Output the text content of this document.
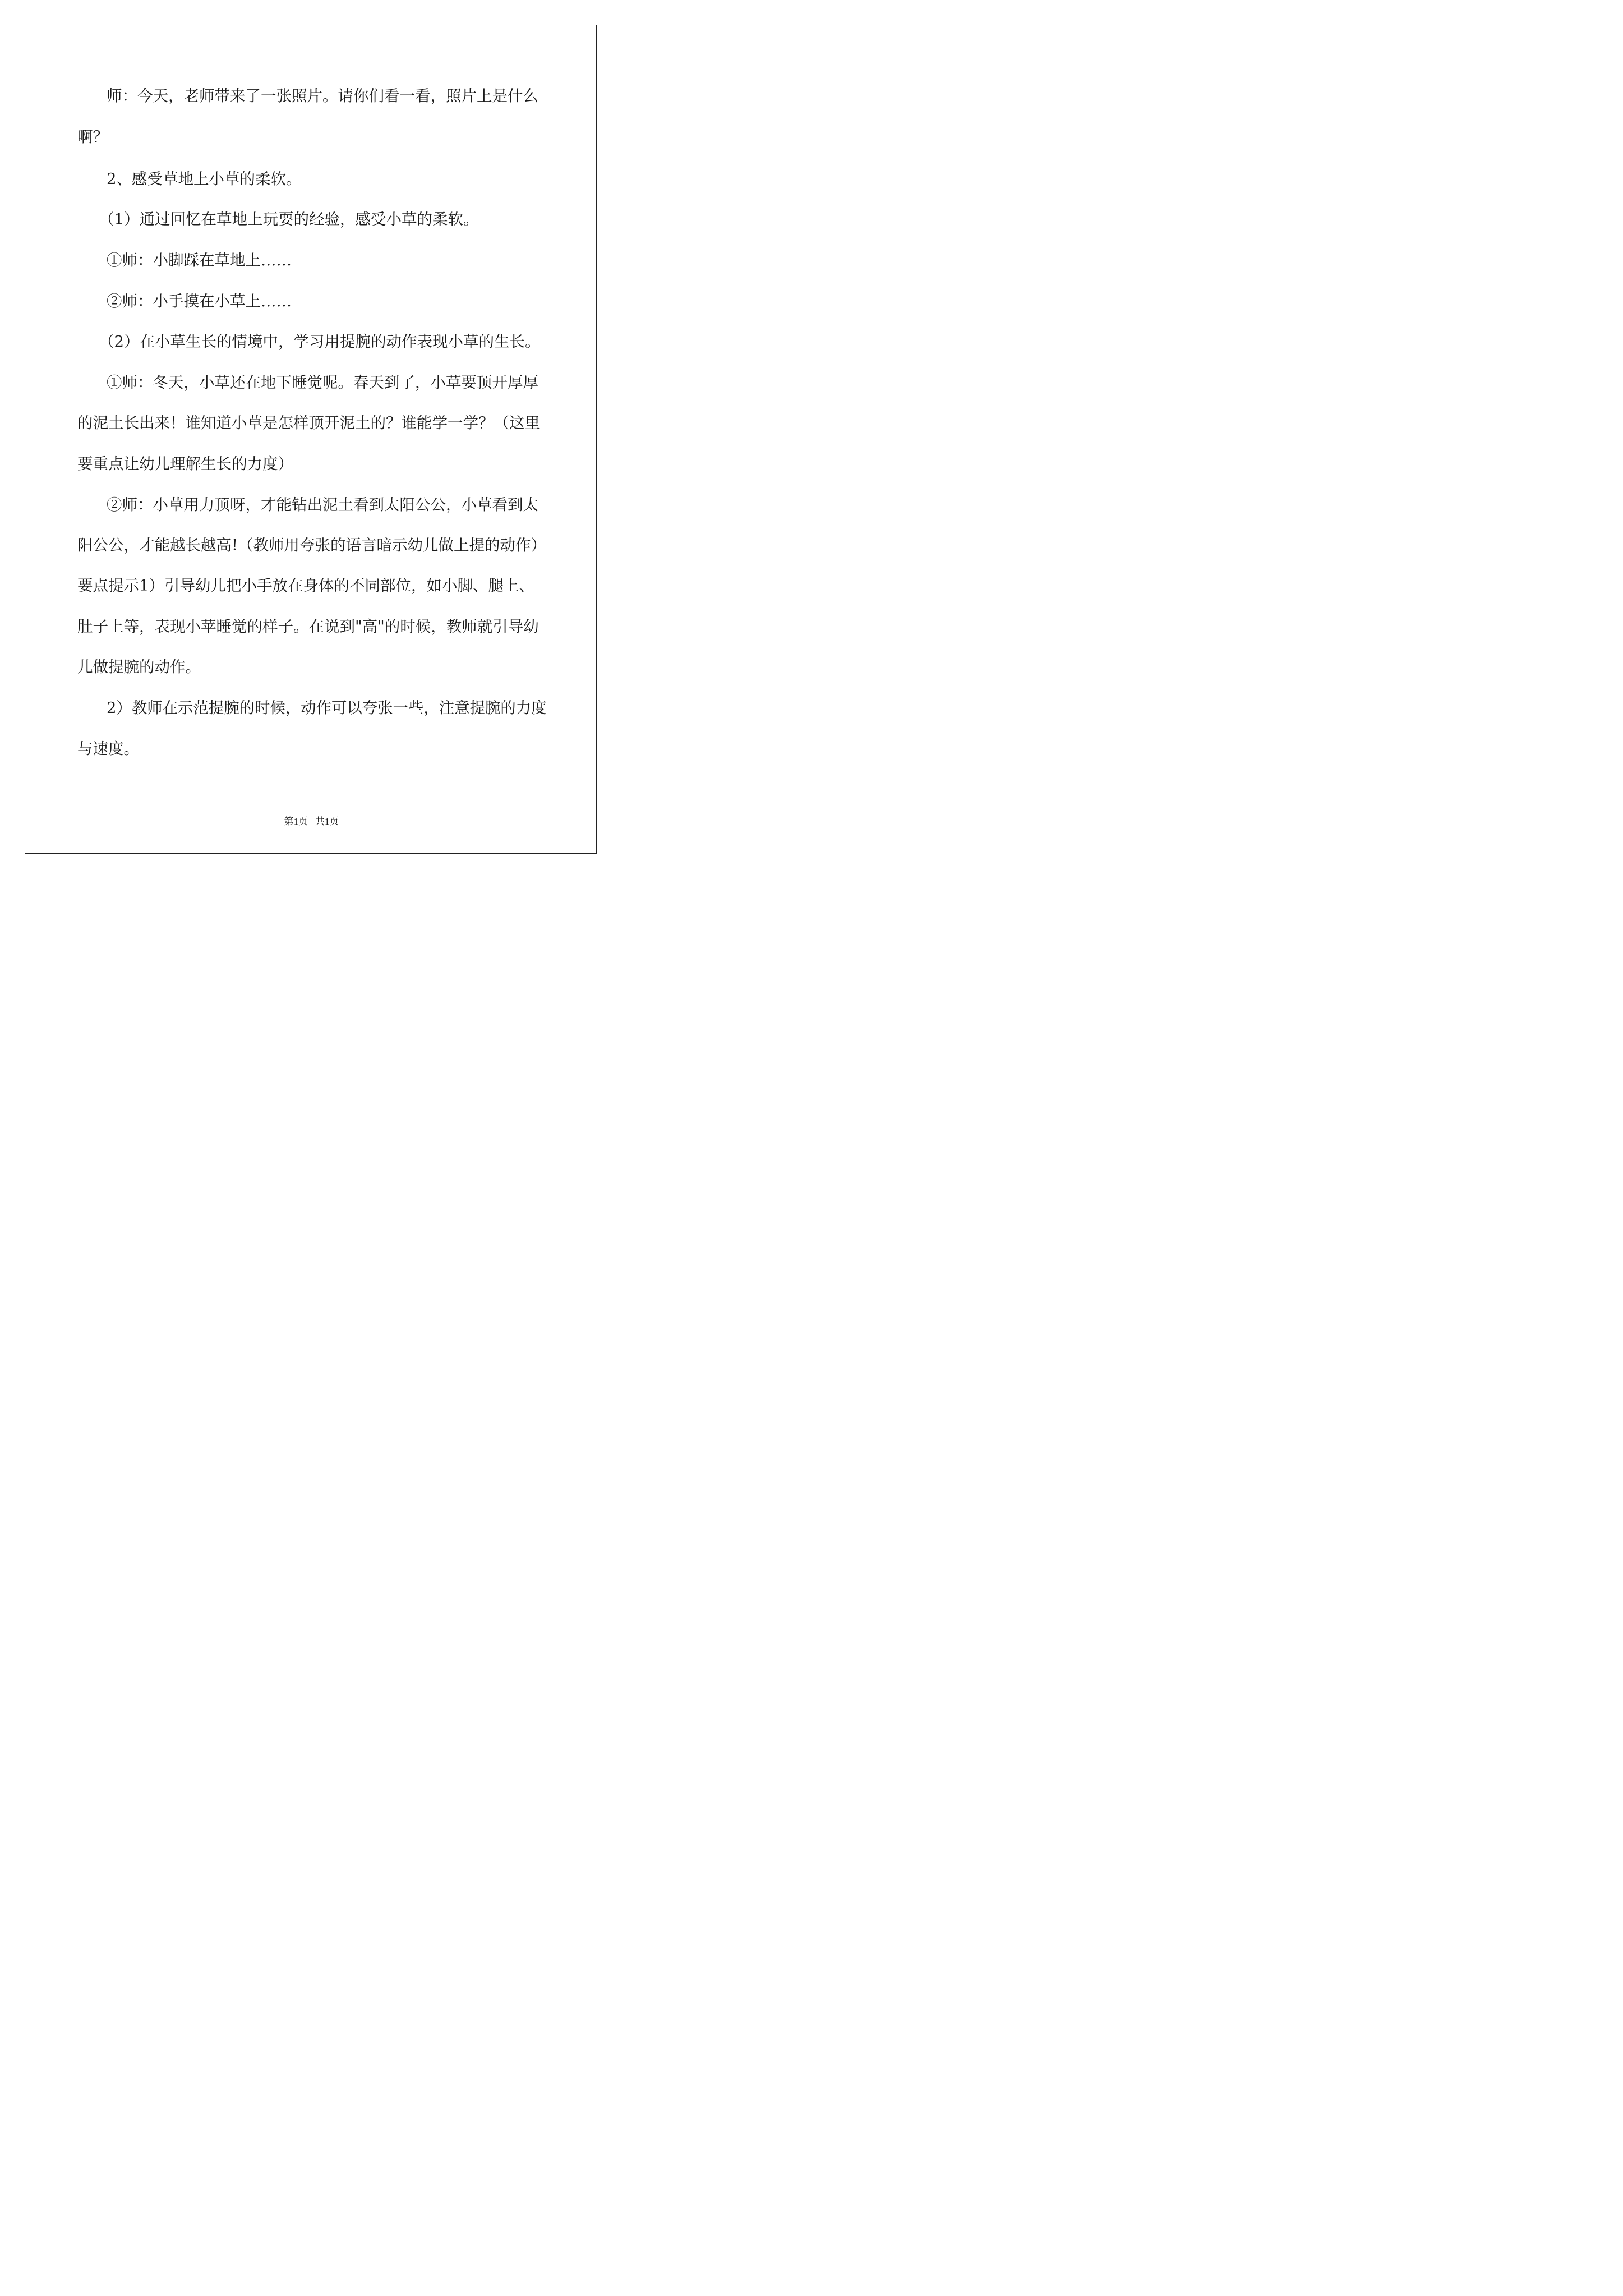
师：今天，老师带来了一张照片。请你们看一看，照片上是什么
啊？
2、感受草地上小草的柔软。
（1）通过回忆在草地上玩耍的经验，感受小草的柔软。
①师：小脚踩在草地上……
②师：小手摸在小草上……
（2）在小草生长的情境中，学习用提腕的动作表现小草的生长。
①师：冬天，小草还在地下睡觉呢。春天到了，小草要顶开厚厚
的泥土长出来！谁知道小草是怎样顶开泥土的？谁能学一学？（这里
要重点让幼儿理解生长的力度）
②师：小草用力顶呀，才能钻出泥土看到太阳公公，小草看到太
阳公公，才能越长越高!（教师用夸张的语言暗示幼儿做上提的动作）
要点提示1）引导幼儿把小手放在身体的不同部位，如小脚、腿上、
肚子上等，表现小苹睡觉的样子。在说到"高"的时候，教师就引导幼
儿做提腕的动作。
2）教师在示范提腕的时候，动作可以夸张一些，注意提腕的力度
与速度。
第1页   共1页
